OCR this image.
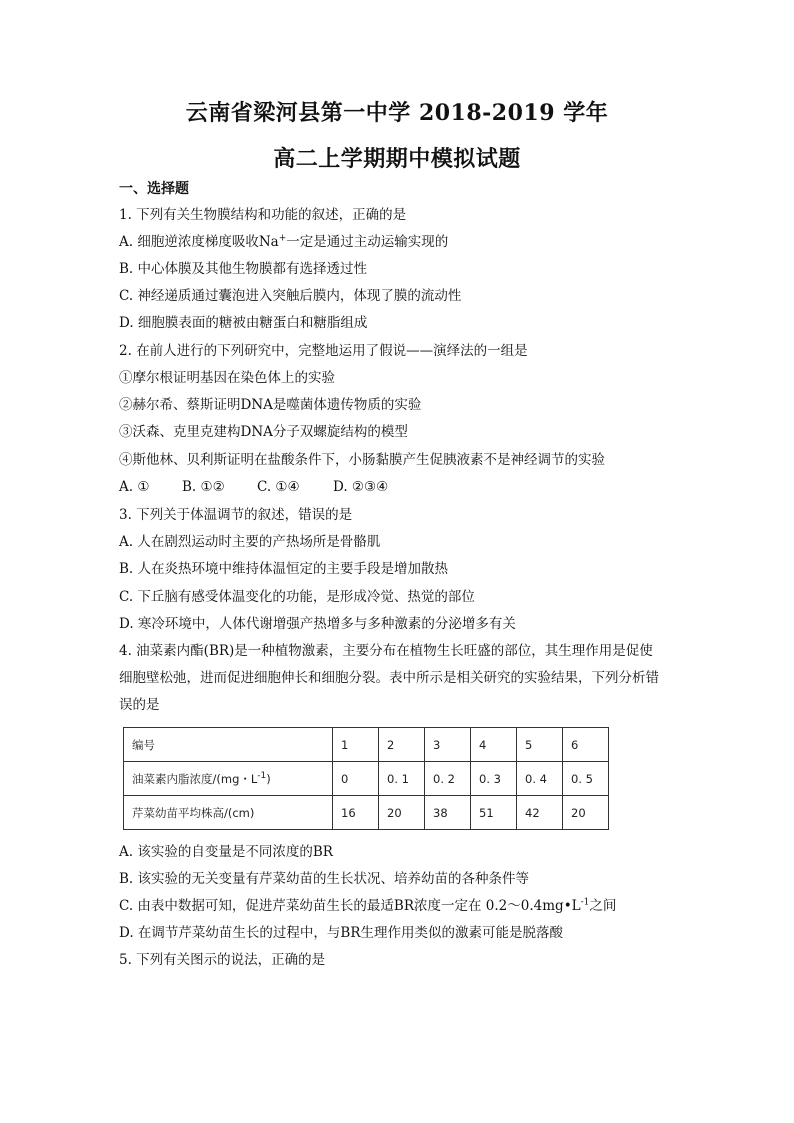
云南省梁河县第一中学 2018-2019 学年
高二上学期期中模拟试题
一、选择题
1. 下列有关生物膜结构和功能的叙述，正确的是
A. 细胞逆浓度梯度吸收Na+一定是通过主动运输实现的
B. 中心体膜及其他生物膜都有选择透过性
C. 神经递质通过囊泡进入突触后膜内，体现了膜的流动性
D. 细胞膜表面的糖被由糖蛋白和糖脂组成
2. 在前人进行的下列研究中，完整地运用了假说——演绎法的一组是
①摩尔根证明基因在染色体上的实验
②赫尔希、蔡斯证明DNA是噬菌体遗传物质的实验
③沃森、克里克建构DNA分子双螺旋结构的模型
④斯他林、贝利斯证明在盐酸条件下，小肠黏膜产生促胰液素不是神经调节的实验
A. ① B. ①② C. ①④ D. ②③④
3. 下列关于体温调节的叙述，错误的是
A. 人在剧烈运动时主要的产热场所是骨骼肌
B. 人在炎热环境中维持体温恒定的主要手段是增加散热
C. 下丘脑有感受体温变化的功能，是形成冷觉、热觉的部位
D. 寒冷环境中，人体代谢增强产热增多与多种激素的分泌增多有关
4. 油菜素内酯(BR)是一种植物激素，主要分布在植物生长旺盛的部位，其生理作用是促使
细胞壁松弛，进而促进细胞伸长和细胞分裂。表中所示是相关研究的实验结果，下列分析错
误的是
编号	1	2	3	4	5	6
油菜素内脂浓度/(mg・$L^{-1}$)	0	0. 1	0. 2	0. 3	0. 4	0. 5
芹菜幼苗平均株高/(cm)	16	20	38	51	42	20
A. 该实验的自变量是不同浓度的BR
B. 该实验的无关变量有芹菜幼苗的生长状况、培养幼苗的各种条件等
C. 由表中数据可知，促进芹菜幼苗生长的最适BR浓度一定在 $0.2\sim 0.4mg•L^{-1}$之间
D. 在调节芹菜幼苗生长的过程中，与BR生理作用类似的激素可能是脱落酸
5. 下列有关图示的说法，正确的是
